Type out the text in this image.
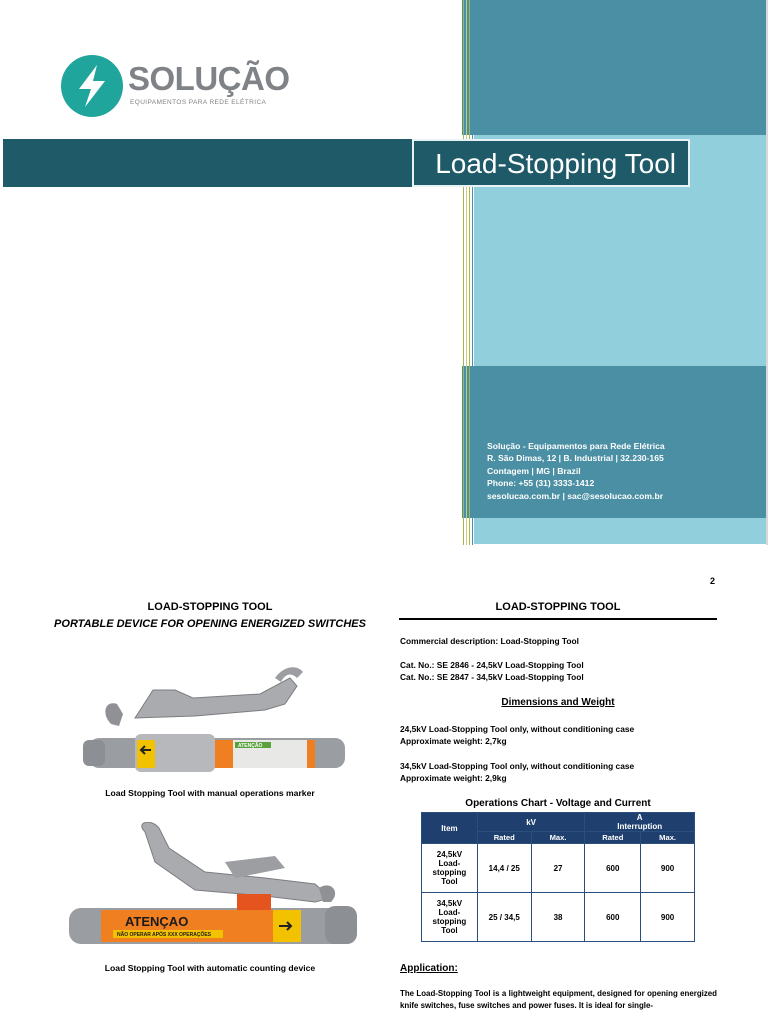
SOLUÇÃO
EQUIPAMENTOS PARA REDE ELÉTRICA
Load-Stopping Tool
Solução - Equipamentos para Rede Elétrica
R. São Dimas, 12 | B. Industrial | 32.230-165
Contagem | MG | Brazil
Phone: +55 (31) 3333-1412
sesolucao.com.br | sac@sesolucao.com.br
2
LOAD-STOPPING TOOL
PORTABLE DEVICE FOR OPENING ENERGIZED SWITCHES
ATENÇÃO
Load Stopping Tool with manual operations marker
ATENÇAO
NÃO OPERAR APÓS XXX OPERAÇÕES
Load Stopping Tool with automatic counting device
LOAD-STOPPING TOOL
Commercial description: Load-Stopping Tool
Cat. No.: SE 2846 - 24,5kV Load-Stopping Tool
Cat. No.: SE 2847 - 34,5kV Load-Stopping Tool
Dimensions and Weight
24,5kV Load-Stopping Tool only, without conditioning case
Approximate weight: 2,7kg
34,5kV Load-Stopping Tool only, without conditioning case
Approximate weight: 2,9kg
Operations Chart - Voltage and Current
Item	kV		A
Interruption	

	Rated	Max.	Rated	Max.

24,5kV
Load-
stopping
Tool	14,4 / 25	27	600	900

34,5kV
Load-
stopping
Tool	25 / 34,5	38	600	900
Application:
The Load-Stopping Tool is a lightweight equipment, designed for opening energized knife switches, fuse switches and power fuses. It is ideal for single-
